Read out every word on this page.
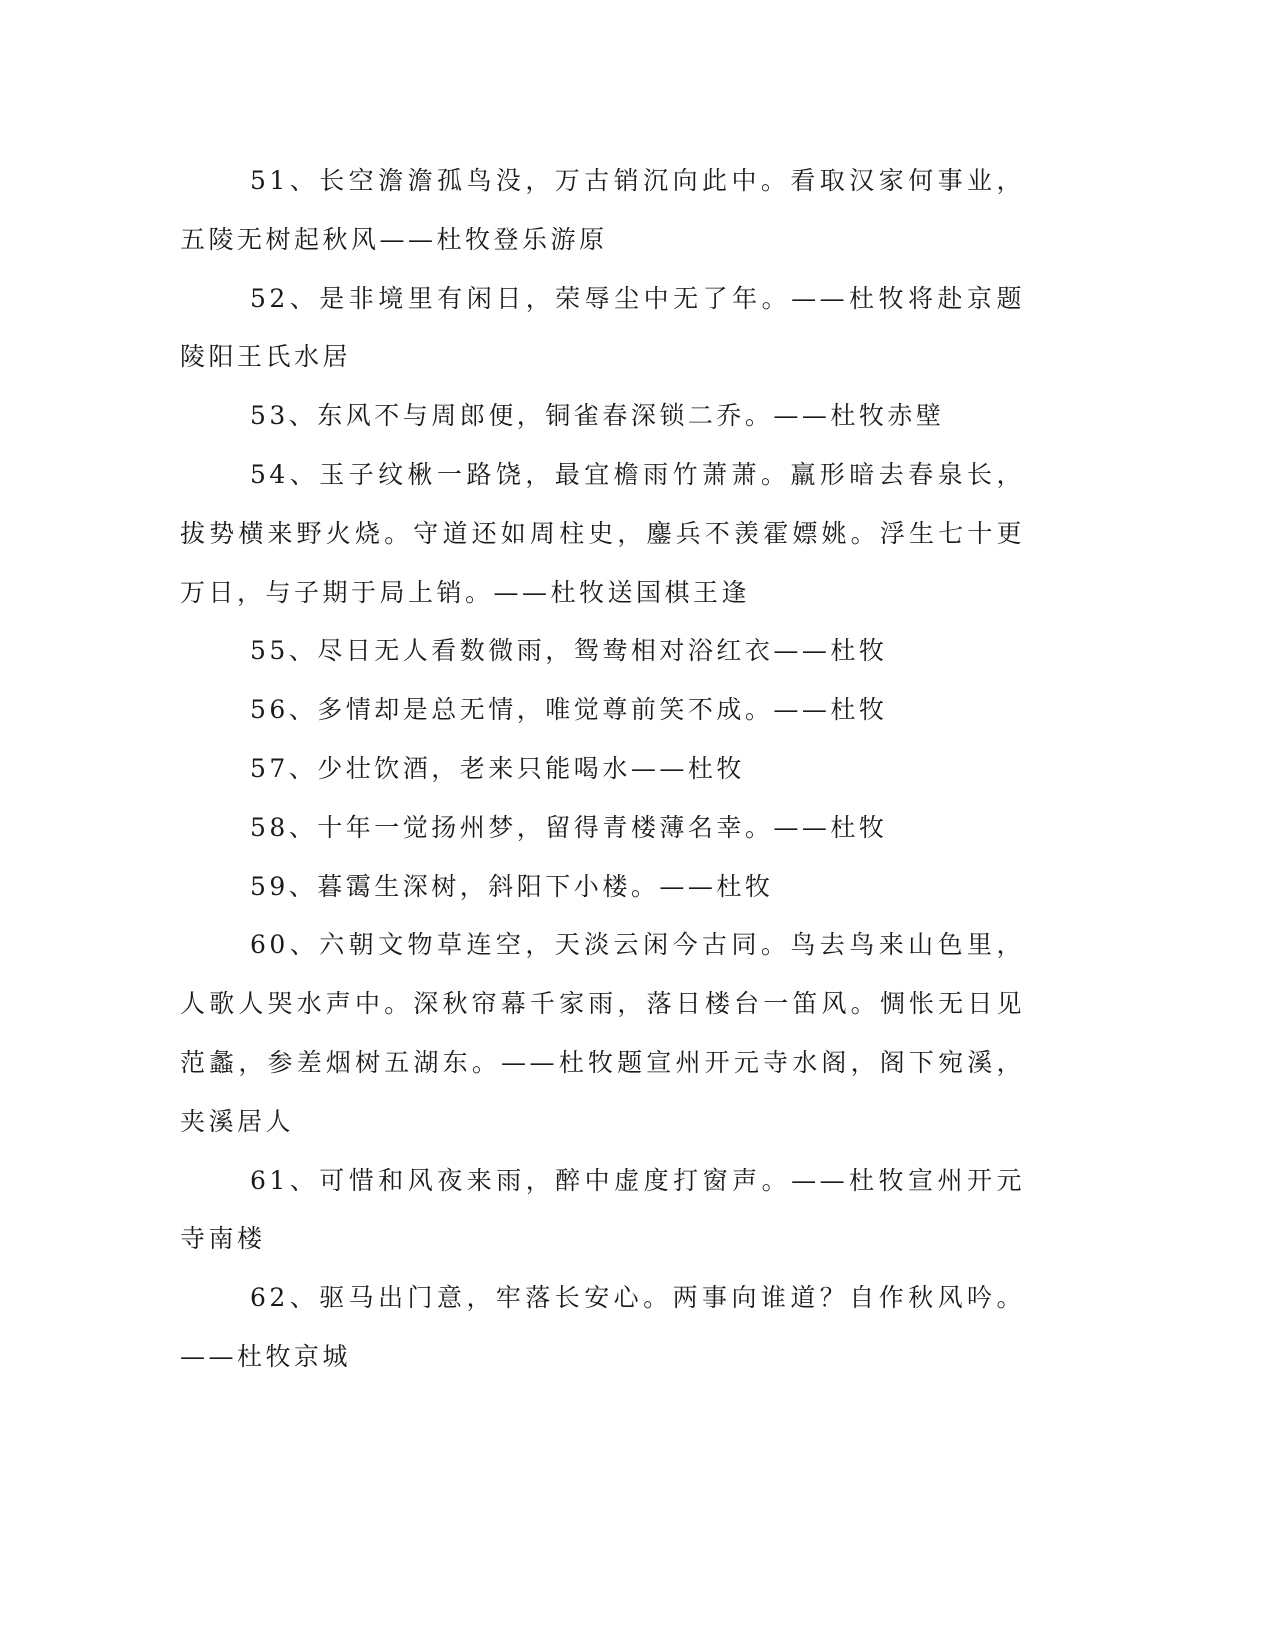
51、长空澹澹孤鸟没，万古销沉向此中。看取汉家何事业，五陵无树起秋风——杜牧登乐游原

52、是非境里有闲日，荣辱尘中无了年。——杜牧将赴京题陵阳王氏水居

53、东风不与周郎便，铜雀春深锁二乔。——杜牧赤壁

54、玉子纹楸一路饶，最宜檐雨竹萧萧。羸形暗去春泉长，拔势横来野火烧。守道还如周柱史，鏖兵不羡霍嫖姚。浮生七十更万日，与子期于局上销。——杜牧送国棋王逢

55、尽日无人看数微雨，鸳鸯相对浴红衣——杜牧

56、多情却是总无情，唯觉尊前笑不成。——杜牧

57、少壮饮酒，老来只能喝水——杜牧

58、十年一觉扬州梦，留得青楼薄名幸。——杜牧

59、暮霭生深树，斜阳下小楼。——杜牧

60、六朝文物草连空，天淡云闲今古同。鸟去鸟来山色里，人歌人哭水声中。深秋帘幕千家雨，落日楼台一笛风。惆怅无日见范蠡，参差烟树五湖东。——杜牧题宣州开元寺水阁，阁下宛溪，夹溪居人

61、可惜和风夜来雨，醉中虚度打窗声。——杜牧宣州开元寺南楼

62、驱马出门意，牢落长安心。两事向谁道？自作秋风吟。——杜牧京城
